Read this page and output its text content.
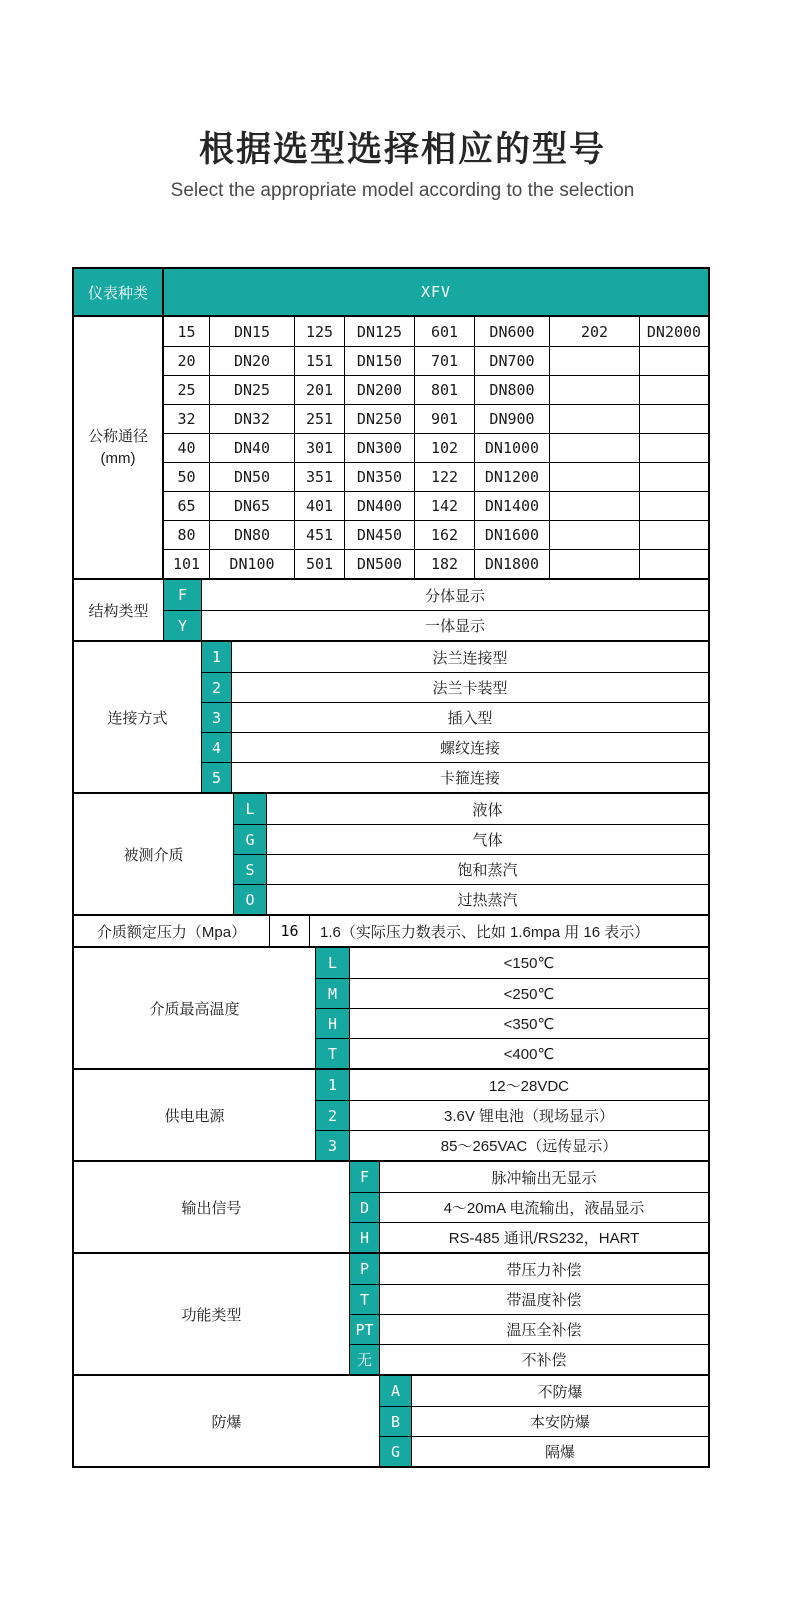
根据选型选择相应的型号
Select the appropriate model according to the selection
仪表种类	XFV
公称通径
(mm)
15	DN15	125	DN125	601	DN600	202	DN2000
20	DN20	151	DN150	701	DN700
25	DN25	201	DN200	801	DN800
32	DN32	251	DN250	901	DN900
40	DN40	301	DN300	102	DN1000
50	DN50	351	DN350	122	DN1200
65	DN65	401	DN400	142	DN1400
80	DN80	451	DN450	162	DN1600
101	DN100	501	DN500	182	DN1800
结构类型
F	分体显示
Y	一体显示
连接方式
1	法兰连接型
2	法兰卡装型
3	插入型
4	螺纹连接
5	卡箍连接
被测介质
L	液体
G	气体
S	饱和蒸汽
O	过热蒸汽
介质额定压力（Mpa）	16	1.6（实际压力数表示、比如 1.6mpa 用 16 表示）
介质最高温度
L	<150℃
M	<250℃
H	<350℃
T	<400℃
供电电源
1	12～28VDC
2	3.6V 锂电池（现场显示）
3	85～265VAC（远传显示）
输出信号
F	脉冲输出无显示
D	4～20mA 电流输出，液晶显示
H	RS-485 通讯/RS232，HART
功能类型
P	带压力补偿
T	带温度补偿
PT	温压全补偿
无	不补偿
防爆
A	不防爆
B	本安防爆
G	隔爆
